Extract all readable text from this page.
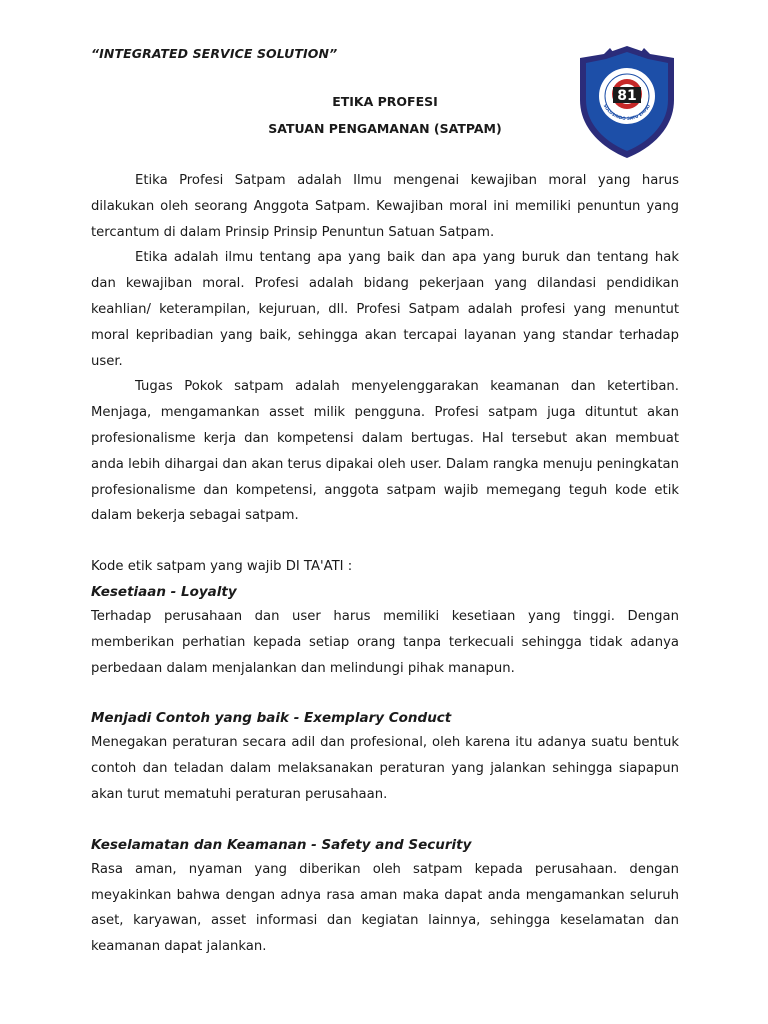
“INTEGRATED SERVICE SOLUTION”
81
SOLUSINDO SATU EMPAT
ETIKA PROFESI
SATUAN PENGAMANAN (SATPAM)

Etika Profesi Satpam adalah Ilmu mengenai kewajiban moral yang harus dilakukan oleh seorang Anggota Satpam. Kewajiban moral ini memiliki penuntun yang tercantum di dalam Prinsip Prinsip Penuntun Satuan Satpam.

Etika adalah ilmu tentang apa yang baik dan apa yang buruk dan tentang hak dan kewajiban moral. Profesi adalah bidang pekerjaan yang dilandasi pendidikan keahlian/ keterampilan, kejuruan, dll. Profesi Satpam adalah profesi yang menuntut moral kepribadian yang baik, sehingga akan tercapai layanan yang standar terhadap user.

Tugas Pokok satpam adalah menyelenggarakan keamanan dan ketertiban. Menjaga, mengamankan asset milik pengguna. Profesi satpam juga dituntut akan profesionalisme kerja dan kompetensi dalam bertugas. Hal tersebut akan membuat anda lebih dihargai dan akan terus dipakai oleh user. Dalam rangka menuju peningkatan profesionalisme dan kompetensi, anggota satpam wajib memegang teguh kode etik dalam bekerja sebagai satpam.

Kode etik satpam yang wajib DI TA'ATI :

Kesetiaan - Loyalty

Terhadap perusahaan dan user harus memiliki kesetiaan yang tinggi. Dengan memberikan perhatian kepada setiap orang tanpa terkecuali sehingga tidak adanya perbedaan dalam menjalankan dan melindungi pihak manapun.

Menjadi Contoh yang baik - Exemplary Conduct

Menegakan peraturan secara adil dan profesional, oleh karena itu adanya suatu bentuk contoh dan teladan dalam melaksanakan peraturan yang jalankan sehingga siapapun akan turut mematuhi peraturan perusahaan.

Keselamatan dan Keamanan - Safety and Security

Rasa aman, nyaman yang diberikan oleh satpam kepada perusahaan. dengan meyakinkan bahwa dengan adnya rasa aman maka dapat anda mengamankan seluruh aset, karyawan, asset informasi dan kegiatan lainnya, sehingga keselamatan dan keamanan dapat jalankan.
